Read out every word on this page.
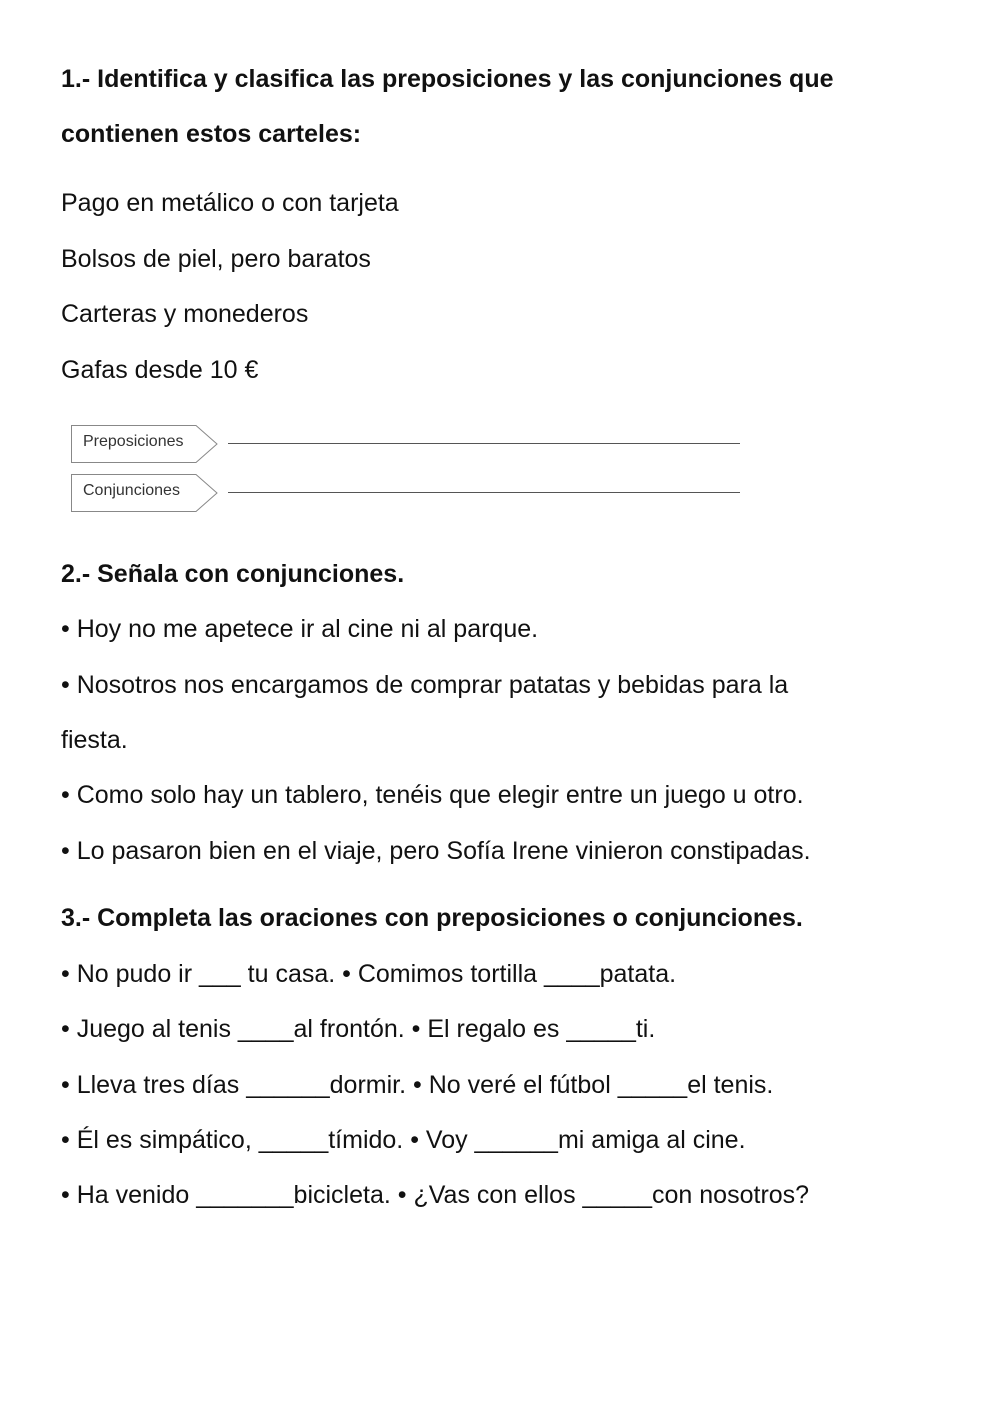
1.- Identifica y clasifica las preposiciones y las conjunciones que
contienen estos carteles:
Pago en metálico o con tarjeta
Bolsos de piel, pero baratos
Carteras y monederos
Gafas desde 10 €
Preposiciones
Conjunciones
2.- Señala con conjunciones.
• Hoy no me apetece ir al cine ni al parque.
• Nosotros nos encargamos de comprar patatas y bebidas para la
fiesta.
• Como solo hay un tablero, tenéis que elegir entre un juego u otro.
• Lo pasaron bien en el viaje, pero Sofía Irene vinieron constipadas.
3.- Completa las oraciones con preposiciones o conjunciones.
• No pudo ir ___ tu casa. • Comimos tortilla ____patata.
• Juego al tenis ____al frontón. • El regalo es _____ti.
• Lleva tres días ______dormir. • No veré el fútbol _____el tenis.
• Él es simpático, _____tímido. • Voy ______mi amiga al cine.
• Ha venido _______bicicleta. • ¿Vas con ellos _____con nosotros?
